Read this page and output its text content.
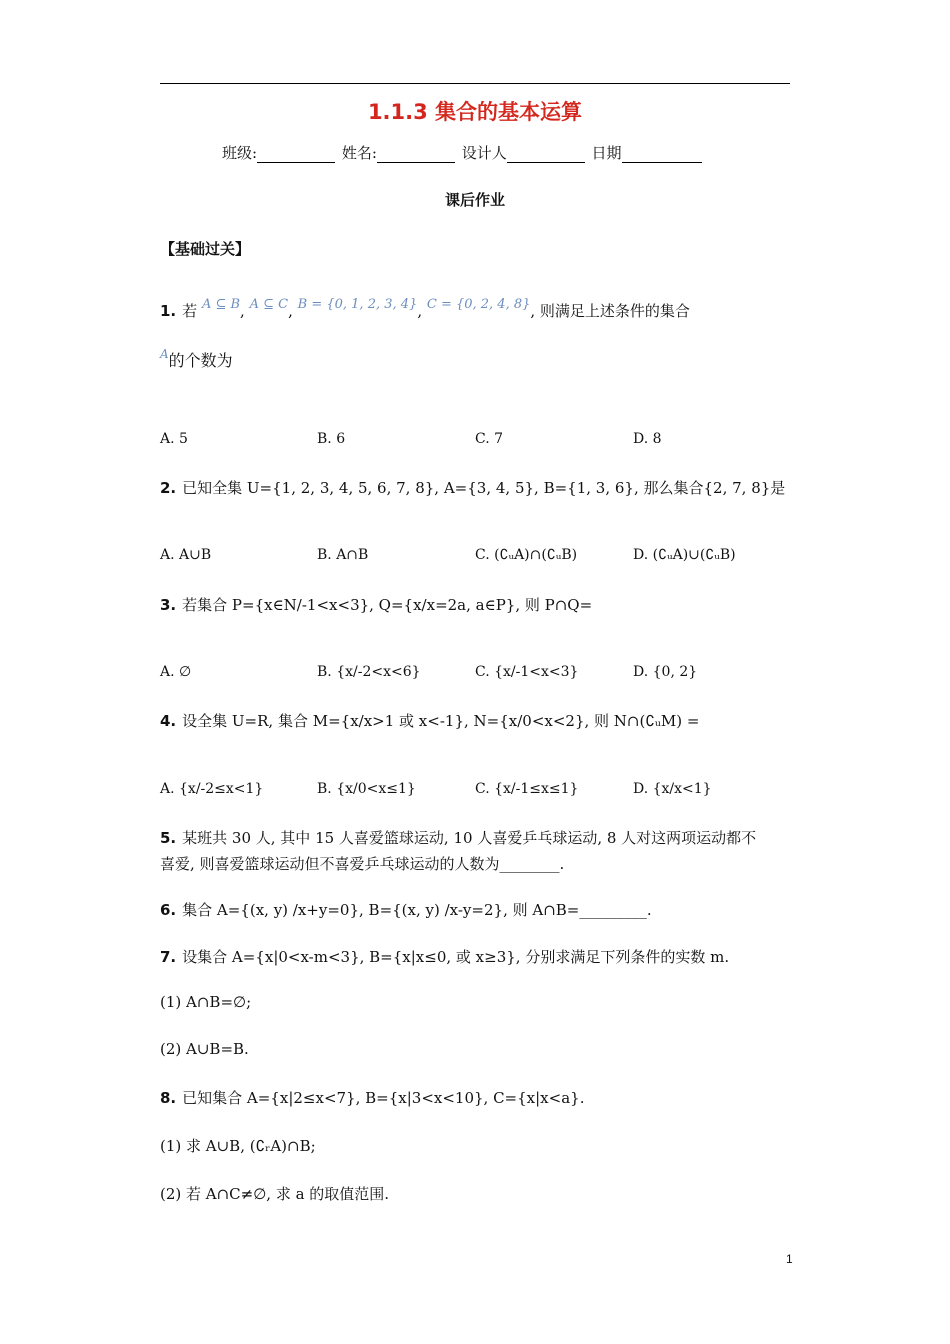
1.1.3 集合的基本运算
班级:	姓名:	设计人	日期
课后作业
【基础过关】
1. 若 A ⊆ B, A ⊆ C, B = {0, 1, 2, 3, 4}, C = {0, 2, 4, 8}, 则满足上述条件的集合
$^A$的个数为
A. 5	B. 6	C. 7	D. 8
2. 已知全集 U={1, 2, 3, 4, 5, 6, 7, 8}, A={3, 4, 5}, B={1, 3, 6}, 那么集合{2, 7, 8}是
A. A∪B	B. A∩B	C. (∁ᵤA)∩(∁ᵤB)	D. (∁ᵤA)∪(∁ᵤB)
3. 若集合 P={x∈N/-1<x<3}, Q={x/x=2a, a∈P}, 则 P∩Q=
A. ∅	B. {x/-2<x<6}	C. {x/-1<x<3}	D. {0, 2}
4. 设全集 U=R, 集合 M={x/x>1 或 x<-1}, N={x/0<x<2}, 则 N∩(∁ᵤM) =
A. {x/-2≤x<1}	B. {x/0<x≤1}	C. {x/-1≤x≤1}	D. {x/x<1}
5. 某班共 30 人, 其中 15 人喜爱篮球运动, 10 人喜爱乒乓球运动, 8 人对这两项运动都不
喜爱, 则喜爱篮球运动但不喜爱乒乓球运动的人数为________.
6. 集合 A={(x, y) /x+y=0}, B={(x, y) /x-y=2}, 则 A∩B=_________.
7. 设集合 A={x|0<x-m<3}, B={x|x≤0, 或 x≥3}, 分别求满足下列条件的实数 m.
(1) A∩B=∅;
(2) A∪B=B.
8. 已知集合 A={x|2≤x<7}, B={x|3<x<10}, C={x|x<a}.
(1) 求 A∪B, (∁ᵣA)∩B;
(2) 若 A∩C≠∅, 求 a 的取值范围.
1
